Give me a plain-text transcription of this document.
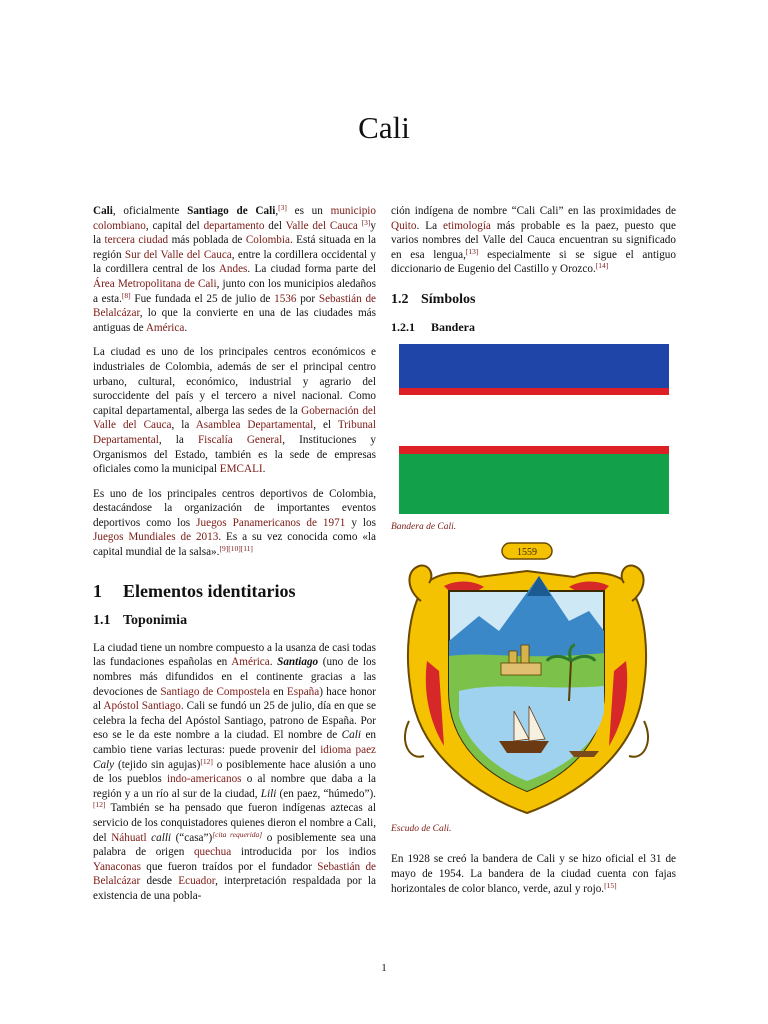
Cali

Cali, oficialmente Santiago de Cali,[3] es un municipio colombiano, capital del departamento del Valle del Cauca [3]y la tercera ciudad más poblada de Colombia. Está situada en la región Sur del Valle del Cauca, entre la cordillera occidental y la cordillera central de los Andes. La ciudad forma parte del Área Metropolitana de Cali, junto con los municipios aledaños a esta.[8] Fue fundada el 25 de julio de 1536 por Sebastián de Belalcázar, lo que la convierte en una de las ciudades más antiguas de América.

La ciudad es uno de los principales centros económicos e industriales de Colombia, además de ser el principal centro urbano, cultural, económico, industrial y agrario del suroccidente del país y el tercero a nivel nacional. Como capital departamental, alberga las sedes de la Gobernación del Valle del Cauca, la Asamblea Departamental, el Tribunal Departamental, la Fiscalía General, Instituciones y Organismos del Estado, también es la sede de empresas oficiales como la municipal EMCALI.

Es uno de los principales centros deportivos de Colombia, destacándose la organización de importantes eventos deportivos como los Juegos Panamericanos de 1971 y los Juegos Mundiales de 2013. Es a su vez conocida como «la capital mundial de la salsa».[9][10][11]

1 Elementos identitarios
1.1 Toponimia

La ciudad tiene un nombre compuesto a la usanza de casi todas las fundaciones españolas en América. Santiago (uno de los nombres más difundidos en el continente gracias a las devociones de Santiago de Compostela en España) hace honor al Apóstol Santiago. Cali se fundó un 25 de julio, día en que se celebra la fecha del Apóstol Santiago, patrono de España. Por eso se le da este nombre a la ciudad. El nombre de Cali en cambio tiene varias lecturas: puede provenir del idioma paez Caly (tejido sin agujas)[12] o posiblemente hace alusión a uno de los pueblos indo-americanos o al nombre que daba a la región y a un río al sur de la ciudad, Lili (en paez, “húmedo”).[12] También se ha pensado que fueron indígenas aztecas al servicio de los conquistadores quienes dieron el nombre a Cali, del Náhuatl calli (“casa”)[cita requerida] o posiblemente sea una palabra de origen quechua introducida por los indios Yanaconas que fueron traídos por el fundador Sebastián de Belalcázar desde Ecuador, interpretación respaldada por la existencia de una pobla-

ción indígena de nombre “Cali Cali” en las proximidades de Quito. La etimología más probable es la paez, puesto que varios nombres del Valle del Cauca encuentran su significado en esa lengua,[13] especialmente si se sigue el antiguo diccionario de Eugenio del Castillo y Orozco.[14]

1.2 Símbolos
1.2.1 Bandera

Bandera de Cali.

1559

Escudo de Cali.

En 1928 se creó la bandera de Cali y se hizo oficial el 31 de mayo de 1954. La bandera de la ciudad cuenta con fajas horizontales de color blanco, verde, azul y rojo.[15]

1
